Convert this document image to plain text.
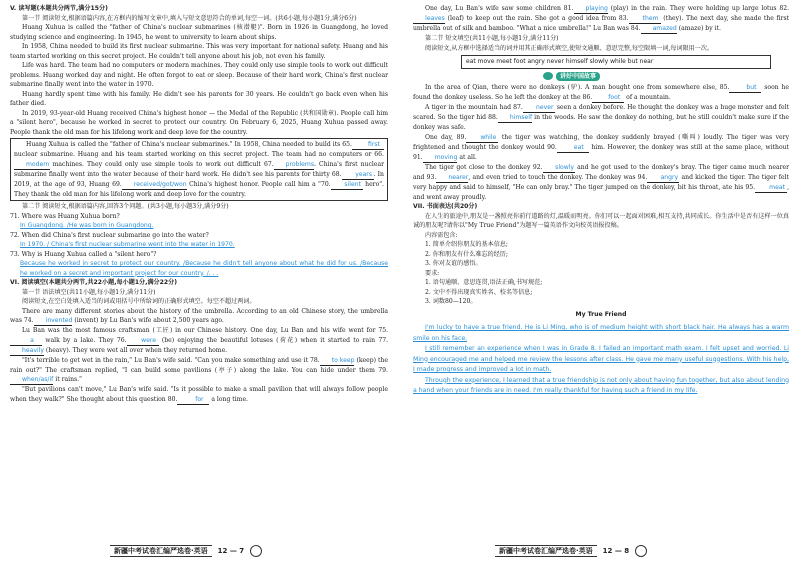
V. 读写题(本题共分两节,满分15分)

第一节 阅读短文,根据语篇内容,在方框内的缩写文章中,填入与短文意思符合的单词,每空一词。(共6小题,每小题1分,满分6分)

Huang Xuhua is called the "father of China's nuclear submarines (核潜艇)". Born in 1926 in Guangdong, he loved studying science and engineering. In 1945, he went to university to learn about ships.

In 1958, China needed to build its first nuclear submarine. This was very important for national safety. Huang and his team started working on this secret project. He couldn't tell anyone about his job, not even his family.

Life was hard. The team had no computers or modern machines. They could only use simple tools to work out difficult problems. Huang worked day and night. He often forgot to eat or sleep. Because of their hard work, China's first nuclear submarine finally went into the water in 1970.

Huang hardly spent time with his family. He didn't see his parents for 30 years. He couldn't go back even when his father died.

In 2019, 93-year-old Huang received China's highest honor — the Medal of the Republic (共和国勋章). People call him a "silent hero", because he worked in secret to protect our country. On February 6, 2025, Huang Xuhua passed away. People thank the old man for his lifelong work and deep love for the country.

Huang Xuhua is called the "father of China's nuclear submarines." In 1958, China needed to build its 65.	first nuclear submarine. Huang and his team started working on this secret project. The team had no computers or 66.modern machines. They could only use simple tools to work out difficult 67. problems. China's first nuclear submarine finally went into the water because of their hard work. He didn't see his parents for thirty 68. years . In 2019, at the age of 93, Huang 69. received/got/won China's highest honor. People call him a "70. silent hero". They thank the old man for his lifelong work and deep love for the country.

第二节 阅读短文,根据语篇内容,回答3个问题。(共3小题,每小题3分,满分9分)

71. Where was Huang Xuhua born?

In Guangdong. /He was born in Guangdong.

72. When did China's first nuclear submarine go into the water?

In 1970. / China's first nuclear submarine went into the water in 1970.

73. Why is Huang Xuhua called a "silent hero"?

Because he worked in secret to protect our country. /Because he didn't tell anyone about what he did for us. /Because he worked on a secret and important project for our country. /. . .

VI. 阅读填空(本题共分两节,共22小题,每小题1分,满分22分)

第一节 语法填空(共11小题,每小题1分,满分11分)

阅读短文,在空白处填入适当的词或用括号中所给词的正确形式填空。每空不超过两词。

There are many different stories about the history of the umbrella. According to an old Chinese story, the umbrella was 74. invented (invent) by Lu Ban's wife about 2,500 years ago.

Lu Ban was the most famous craftsman (工匠) in our Chinese history. One day, Lu Ban and his wife went for 75.a walk by a lake. They 76. were (be) enjoying the beautiful lotuses (荷花) when it started to rain 77.heavily (heavy). They were wet all over when they returned home.

"It's terrible to get wet in the rain," Lu Ban's wife said. "Can you make something and use it 78. to keep (keep) the rain out?" The craftsman replied, "I can build some pavilions (亭子) along the lake. You can hide under them 79.when/as/if it rains."

"But pavilions can't move," Lu Ban's wife said. "Is it possible to make a small pavilion that will always follow people when they walk?" She thought about this question 80.	for a long time.

One day, Lu Ban's wife saw some children 81. playing (play) in the rain. They were holding up large lotus 82.leaves (leaf) to keep out the rain. She got a good idea from 83. them (they). The next day, she made the first umbrella out of silk and bamboo. "What a nice umbrella!" Lu Ban was 84. amazed (amaze) by it.

第二节 短文填空(共11小题,每小题1分,满分11分)

阅读短文,从方框中选择适当的词并用其正确形式填空,使短文通顺、意思完整,每空限填一词,每词限用一次。

eat move meet foot angry never himself slowly while but near
讲好中国故事

In the area of Qian, there were no donkeys (驴). A man bought one from somewhere else, 85.	but soon he found the donkey useless. So he left the donkey at the 86.	foot of a mountain.

A tiger in the mountain had 87. never seen a donkey before. He thought the donkey was a huge monster and felt scared. So the tiger hid 88. himself in the woods. He saw the donkey do nothing, but he still couldn't make sure if the donkey was safe.

One day, 89. while the tiger was watching, the donkey suddenly brayed (嘶叫) loudly. The tiger was very frightened and thought the donkey would 90.	eat him. However, the donkey was still at the same place, without 91. moving at all.

The tiger got close to the donkey 92. slowly and he got used to the donkey's bray. The tiger came much nearer and 93. nearer, and even tried to touch the donkey. The donkey was 94. angry and kicked the tiger. The tiger felt very happy and said to himself, "He can only bray." The tiger jumped on the donkey, bit his throat, ate his 95. meat , and went away proudly.

VII. 书面表达(共20分)

在人生的旅途中,朋友是一盏照亮你前行道路的灯,温暖而明亮。你们可以一起面对困难,相互支持,共同成长。你生活中是否有这样一位真诚的朋友呢?请你以"My True Friend"为题写一篇英语作文向校英语报投稿。

内容需包含:

1. 简单介绍你朋友的基本信息;

2. 你和朋友有什么难忘的经历;

3. 你对友谊的感悟。

要求:

1. 语句通顺、意思连贯,语法正确,书写规范;

2. 文中不得出现真实姓名、校名等信息;

3. 词数80—120。

My True Friend

I'm lucky to have a true friend. He is Li Ming, who is of medium height with short black hair. He always has a warm smile on his face.

I still remember an experience when I was in Grade 8. I failed an important math exam. I felt upset and worried. Li Ming encouraged me and helped me review the lessons after class. He gave me many useful suggestions. With his help, I made progress and improved a lot in math.

Through the experience, I learned that a true friendship is not only about having fun together, but also about lending a hand when your friends are in need. I'm really thankful for having such a friend in my life.

新疆中考试卷汇编严选卷·英语	12 — 7	新疆中考试卷汇编严选卷·英语	12 — 8
